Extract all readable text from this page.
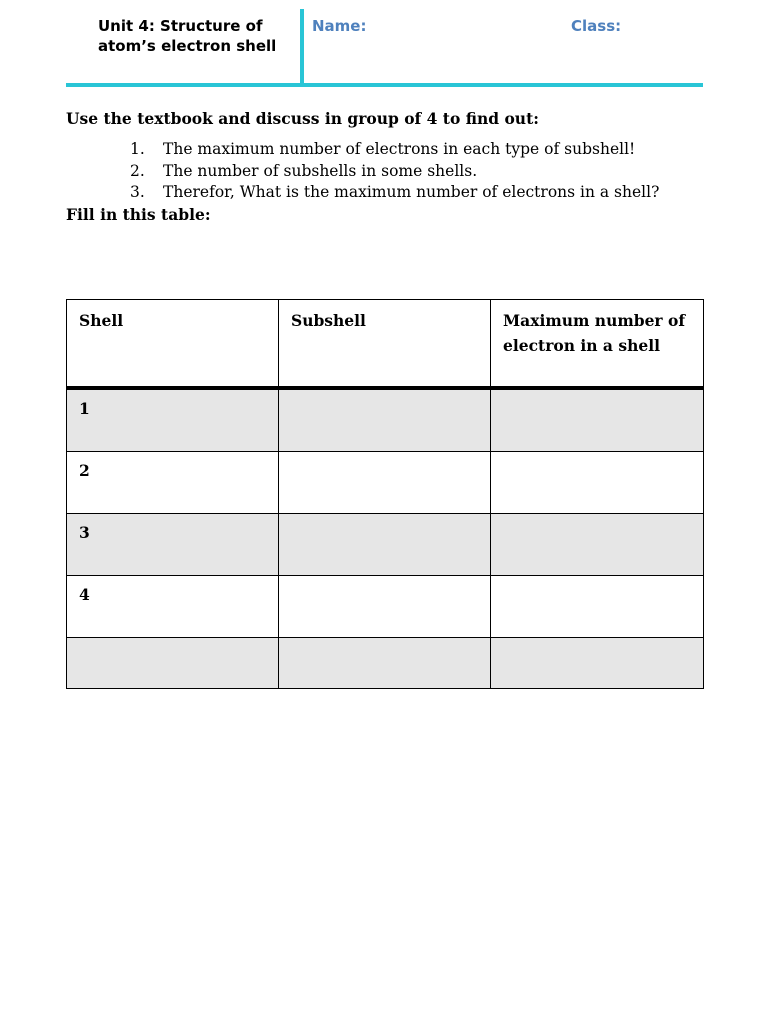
Unit 4: Structure of atom’s electron shell
Name:	Class:

Use the textbook and discuss in group of 4 to find out:

1.	The maximum number of electrons in each type of subshell!
2.	The number of subshells in some shells.
3.	Therefor, What is the maximum number of electrons in a shell?

Fill in this table:

Shell	Subshell	Maximum number of electron in a shell
1		
2		
3		
4		
